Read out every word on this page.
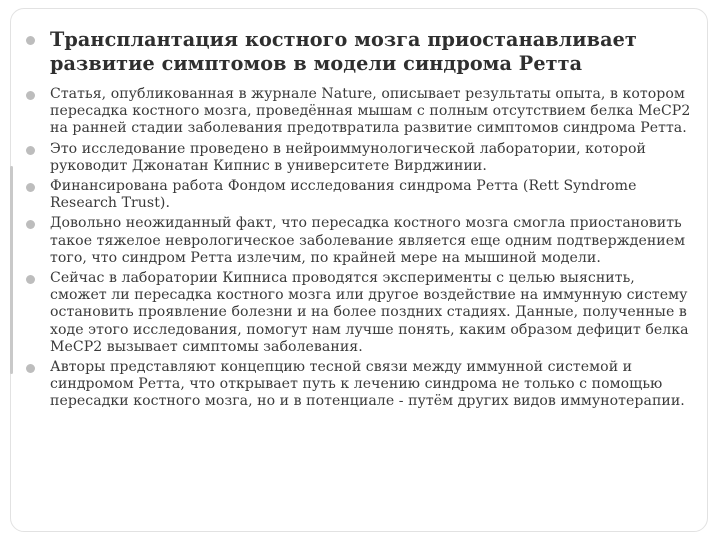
Трансплантация костного мозга приостанавливает развитие симптомов в модели синдрома Ретта
Статья, опубликованная в журнале Nature, описывает результаты опыта, в котором пересадка костного мозга, проведённая мышам с полным отсутствием белка MeCP2 на ранней стадии заболевания предотвратила развитие симптомов синдрома Ретта.
Это исследование проведено в нейроиммунологической лаборатории, которой руководит Джонатан Кипнис в университете Вирджинии.
Финансирована работа Фондом исследования синдрома Ретта (Rett Syndrome Research Trust).
Довольно неожиданный факт, что пересадка костного мозга смогла приостановить такое тяжелое неврологическое заболевание является еще одним подтверждением того, что синдром Ретта излечим, по крайней мере на мышиной модели.
Сейчас в лаборатории Кипниса проводятся эксперименты с целью выяснить, сможет ли пересадка костного мозга или другое воздействие на иммунную систему остановить проявление болезни и на более поздних стадиях. Данные, полученные в ходе этого исследования, помогут нам лучше понять, каким образом дефицит белка MeCP2 вызывает симптомы заболевания.
Авторы представляют концепцию тесной связи между иммунной системой и синдромом Ретта, что открывает путь к лечению синдрома не только с помощью пересадки костного мозга, но и в потенциале - путём других видов иммунотерапии.
